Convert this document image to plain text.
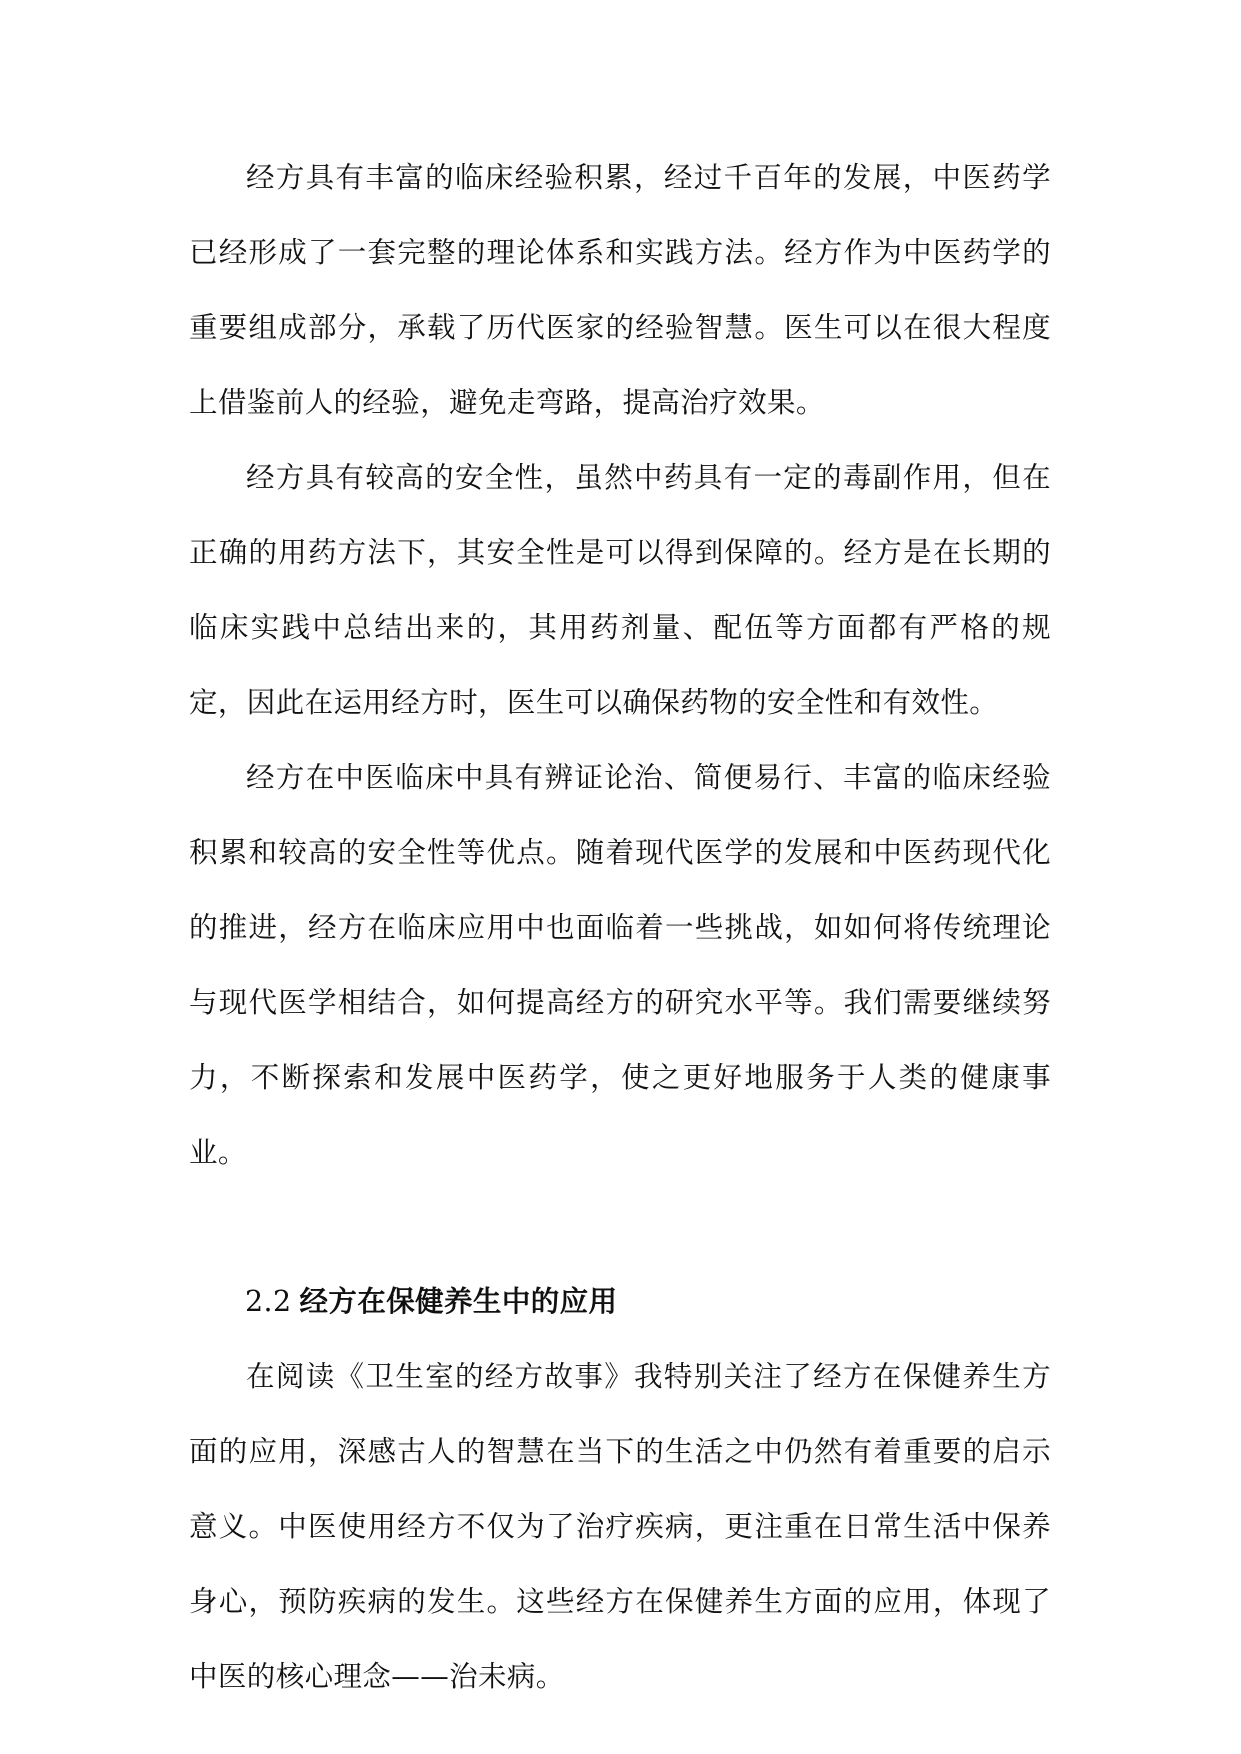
经方具有丰富的临床经验积累，经过千百年的发展，中医药学已经形成了一套完整的理论体系和实践方法。经方作为中医药学的重要组成部分，承载了历代医家的经验智慧。医生可以在很大程度上借鉴前人的经验，避免走弯路，提高治疗效果。

经方具有较高的安全性，虽然中药具有一定的毒副作用，但在正确的用药方法下，其安全性是可以得到保障的。经方是在长期的临床实践中总结出来的，其用药剂量、配伍等方面都有严格的规定，因此在运用经方时，医生可以确保药物的安全性和有效性。

经方在中医临床中具有辨证论治、简便易行、丰富的临床经验积累和较高的安全性等优点。随着现代医学的发展和中医药现代化的推进，经方在临床应用中也面临着一些挑战，如如何将传统理论与现代医学相结合，如何提高经方的研究水平等。我们需要继续努力，不断探索和发展中医药学，使之更好地服务于人类的健康事业。

2.2 经方在保健养生中的应用

在阅读《卫生室的经方故事》我特别关注了经方在保健养生方面的应用，深感古人的智慧在当下的生活之中仍然有着重要的启示意义。中医使用经方不仅为了治疗疾病，更注重在日常生活中保养身心，预防疾病的发生。这些经方在保健养生方面的应用，体现了中医的核心理念——治未病。
